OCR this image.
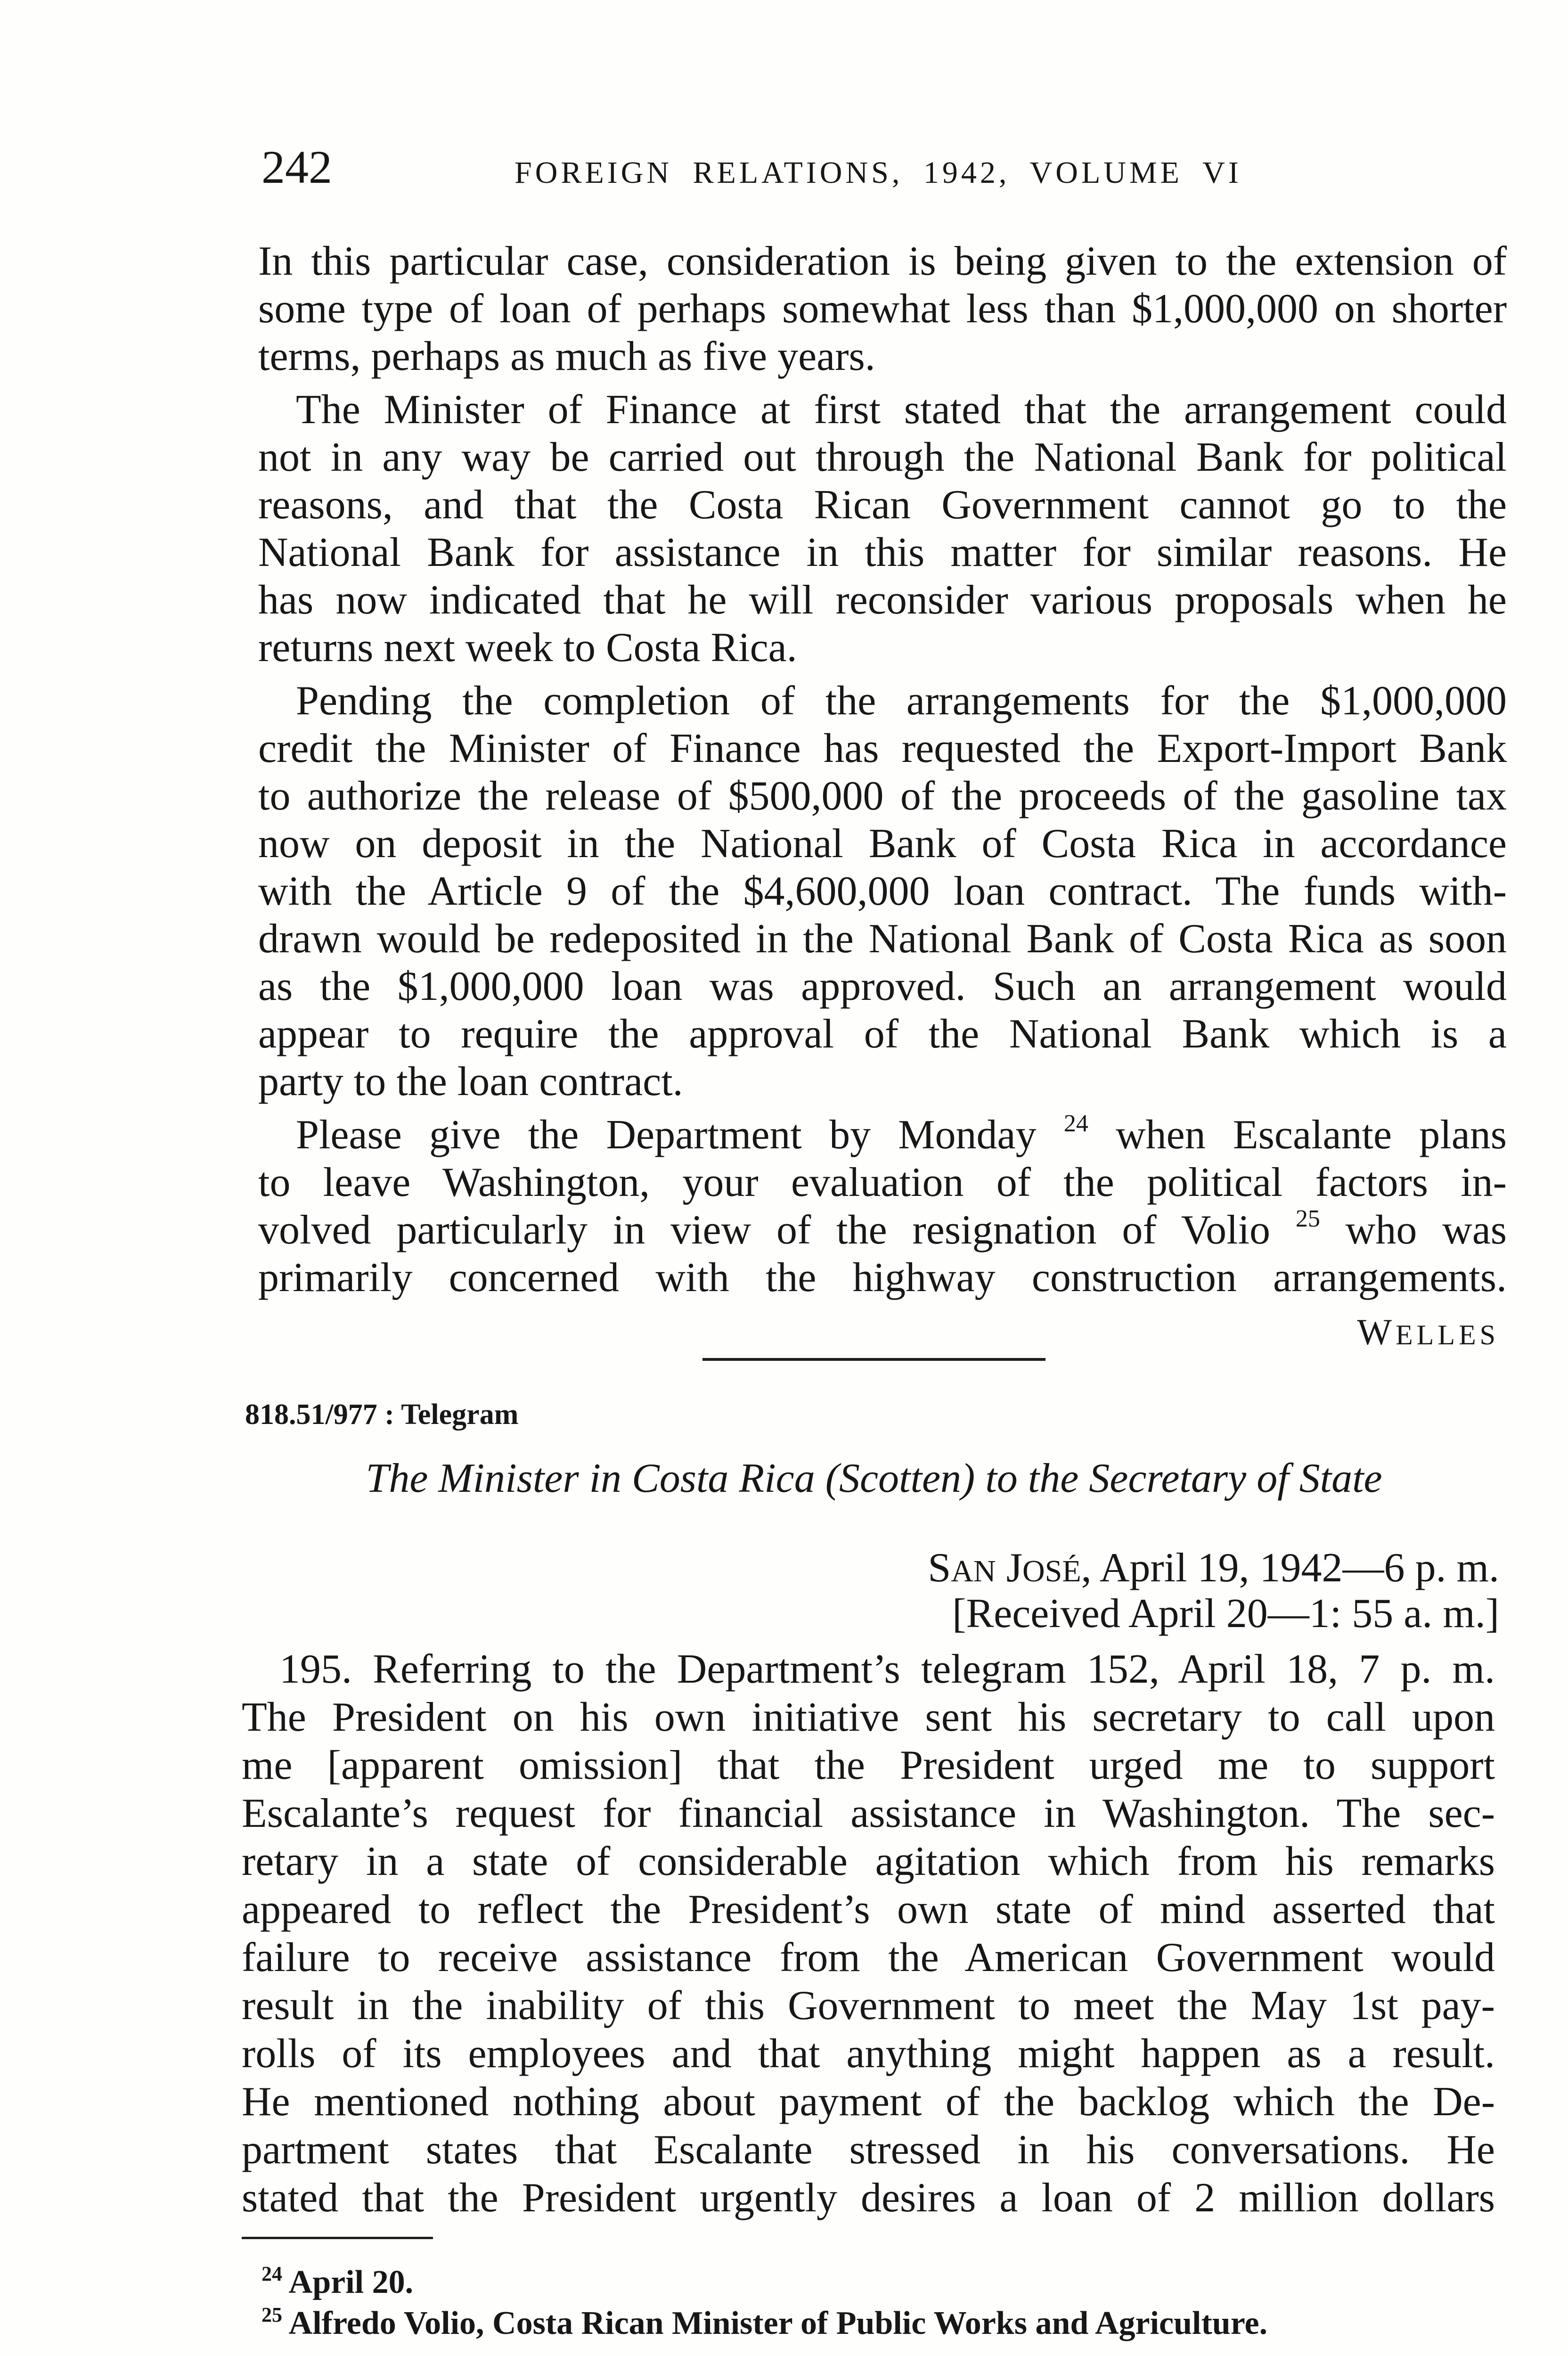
242	FOREIGN RELATIONS, 1942, VOLUME VI
In this particular case, consideration is being given to the extension of
some type of loan of perhaps somewhat less than $1,000,000 on shorter
terms, perhaps as much as five years.
The Minister of Finance at first stated that the arrangement could
not in any way be carried out through the National Bank for political
reasons, and that the Costa Rican Government cannot go to the
National Bank for assistance in this matter for similar reasons. He
has now indicated that he will reconsider various proposals when he
returns next week to Costa Rica.
Pending the completion of the arrangements for the $1,000,000
credit the Minister of Finance has requested the Export-Import Bank
to authorize the release of $500,000 of the proceeds of the gasoline tax
now on deposit in the National Bank of Costa Rica in accordance
with the Article 9 of the $4,600,000 loan contract. The funds with-
drawn would be redeposited in the National Bank of Costa Rica as soon
as the $1,000,000 loan was approved. Such an arrangement would
appear to require the approval of the National Bank which is a
party to the loan contract.
Please give the Department by Monday $^{24}$ when Escalante plans
to leave Washington, your evaluation of the political factors in-
volved particularly in view of the resignation of Volio $^{25}$ who was
primarily concerned with the highway construction arrangements.
WELLES
818.51/977 : Telegram
The Minister in Costa Rica (Scotten) to the Secretary of State
SAN JOSÉ, April 19, 1942—6 p. m.
[Received April 20—1: 55 a. m.]
195. Referring to the Department’s telegram 152, April 18, 7 p. m.
The President on his own initiative sent his secretary to call upon
me [apparent omission] that the President urged me to support
Escalante’s request for financial assistance in Washington. The sec-
retary in a state of considerable agitation which from his remarks
appeared to reflect the President’s own state of mind asserted that
failure to receive assistance from the American Government would
result in the inability of this Government to meet the May 1st pay-
rolls of its employees and that anything might happen as a result.
He mentioned nothing about payment of the backlog which the De-
partment states that Escalante stressed in his conversations. He
stated that the President urgently desires a loan of 2 million dollars
$^{24}$ April 20.
$^{25}$ Alfredo Volio, Costa Rican Minister of Public Works and Agriculture.
